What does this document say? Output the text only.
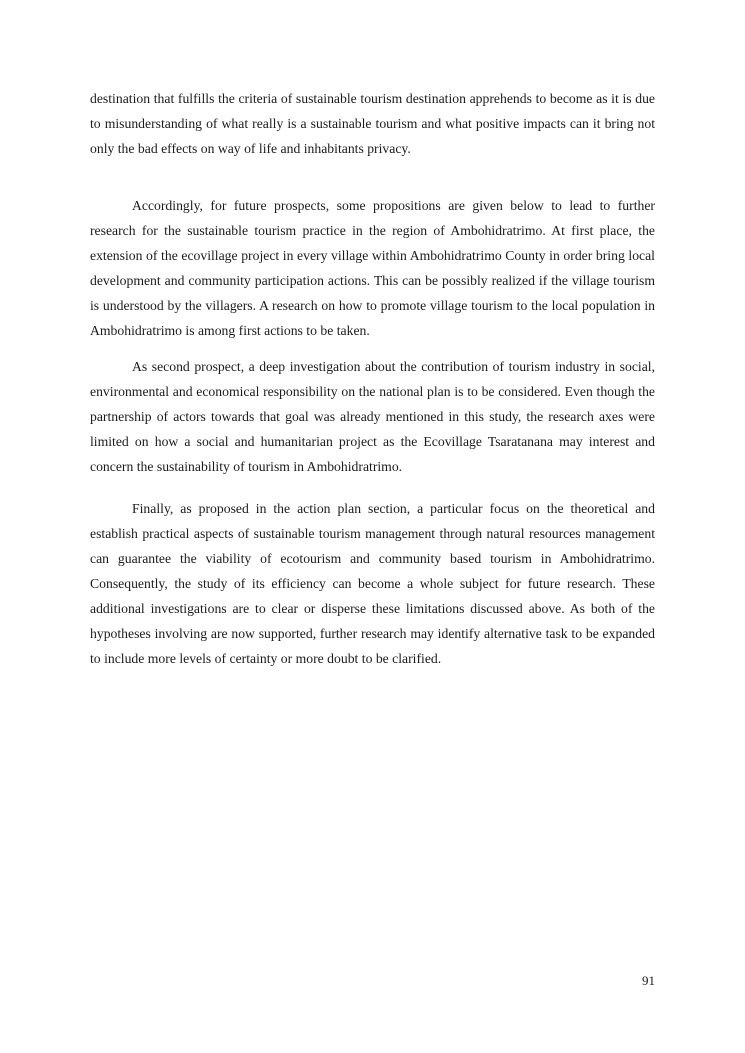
destination that fulfills the criteria of sustainable tourism destination apprehends to become as it is due to misunderstanding of what really is a sustainable tourism and what positive impacts can it bring not only the bad effects on way of life and inhabitants privacy.

Accordingly, for future prospects, some propositions are given below to lead to further research for the sustainable tourism practice in the region of Ambohidratrimo. At first place, the extension of the ecovillage project in every village within Ambohidratrimo County in order bring local development and community participation actions. This can be possibly realized if the village tourism is understood by the villagers. A research on how to promote village tourism to the local population in Ambohidratrimo is among first actions to be taken.

As second prospect, a deep investigation about the contribution of tourism industry in social, environmental and economical responsibility on the national plan is to be considered. Even though the partnership of actors towards that goal was already mentioned in this study, the research axes were limited on how a social and humanitarian project as the Ecovillage Tsaratanana may interest and concern the sustainability of tourism in Ambohidratrimo.

Finally, as proposed in the action plan section, a particular focus on the theoretical and establish practical aspects of sustainable tourism management through natural resources management can guarantee the viability of ecotourism and community based tourism in Ambohidratrimo. Consequently, the study of its efficiency can become a whole subject for future research. These additional investigations are to clear or disperse these limitations discussed above. As both of the hypotheses involving are now supported, further research may identify alternative task to be expanded to include more levels of certainty or more doubt to be clarified.

91
